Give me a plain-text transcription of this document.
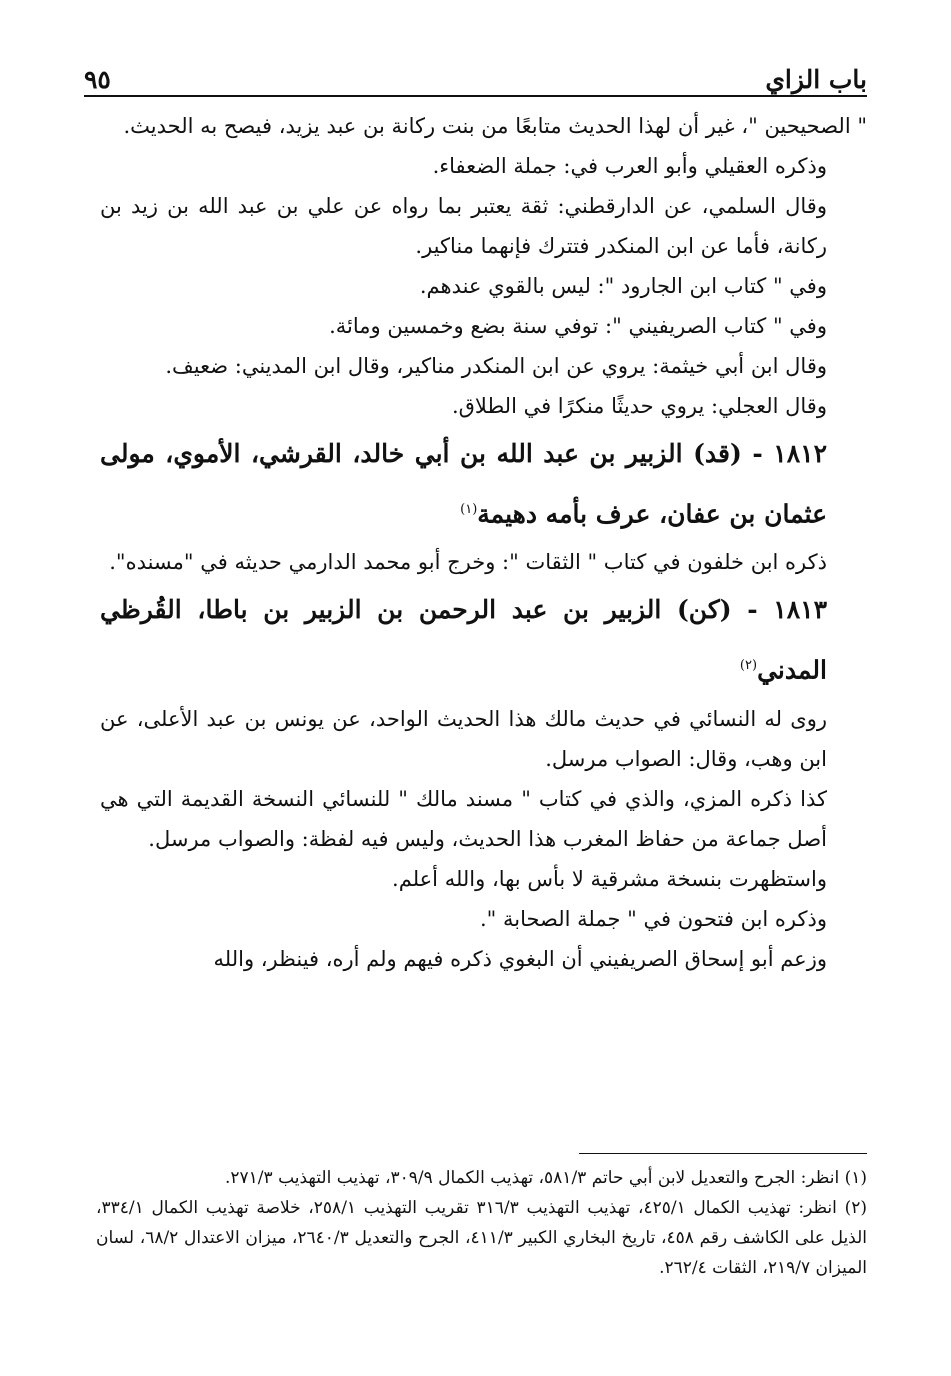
باب الزاي
٩٥

" الصحيحين "، غير أن لهذا الحديث متابعًا من بنت ركانة بن عبد يزيد، فيصح به الحديث.

وذكره العقيلي وأبو العرب في: جملة الضعفاء.

وقال السلمي، عن الدارقطني: ثقة يعتبر بما رواه عن علي بن عبد الله بن زيد بن ركانة، فأما عن ابن المنكدر فتترك فإنهما مناكير.

وفي " كتاب ابن الجارود ": ليس بالقوي عندهم.

وفي " كتاب الصريفيني ": توفي سنة بضع وخمسين ومائة.

وقال ابن أبي خيثمة: يروي عن ابن المنكدر مناكير، وقال ابن المديني: ضعيف.

وقال العجلي: يروي حديثًا منكرًا في الطلاق.

١٨١٢ - (قد) الزبير بن عبد الله بن أبي خالد، القرشي، الأموي، مولى عثمان بن عفان، عرف بأمه دهيمة$^{(١)}$

ذكره ابن خلفون في كتاب " الثقات ": وخرج أبو محمد الدارمي حديثه في "مسنده".

١٨١٣ - (كن) الزبير بن عبد الرحمن بن الزبير بن باطا، القُرظي المدني$^{(٢)}$

روى له النسائي في حديث مالك هذا الحديث الواحد، عن يونس بن عبد الأعلى، عن ابن وهب، وقال: الصواب مرسل.

كذا ذكره المزي، والذي في كتاب " مسند مالك " للنسائي النسخة القديمة التي هي أصل جماعة من حفاظ المغرب هذا الحديث، وليس فيه لفظة: والصواب مرسل.

واستظهرت بنسخة مشرقية لا بأس بها، والله أعلم.

وذكره ابن فتحون في " جملة الصحابة ".

وزعم أبو إسحاق الصريفيني أن البغوي ذكره فيهم ولم أره، فينظر، والله

(١) انظر: الجرح والتعديل لابن أبي حاتم ٥٨١/٣، تهذيب الكمال ٣٠٩/٩، تهذيب التهذيب ٢٧١/٣.

(٢) انظر: تهذيب الكمال ٤٢٥/١، تهذيب التهذيب ٣١٦/٣ تقريب التهذيب ٢٥٨/١، خلاصة تهذيب الكمال ٣٣٤/١، الذيل على الكاشف رقم ٤٥٨، تاريخ البخاري الكبير ٤١١/٣، الجرح والتعديل ٢٦٤٠/٣، ميزان الاعتدال ٦٨/٢، لسان الميزان ٢١٩/٧، الثقات ٢٦٢/٤.
